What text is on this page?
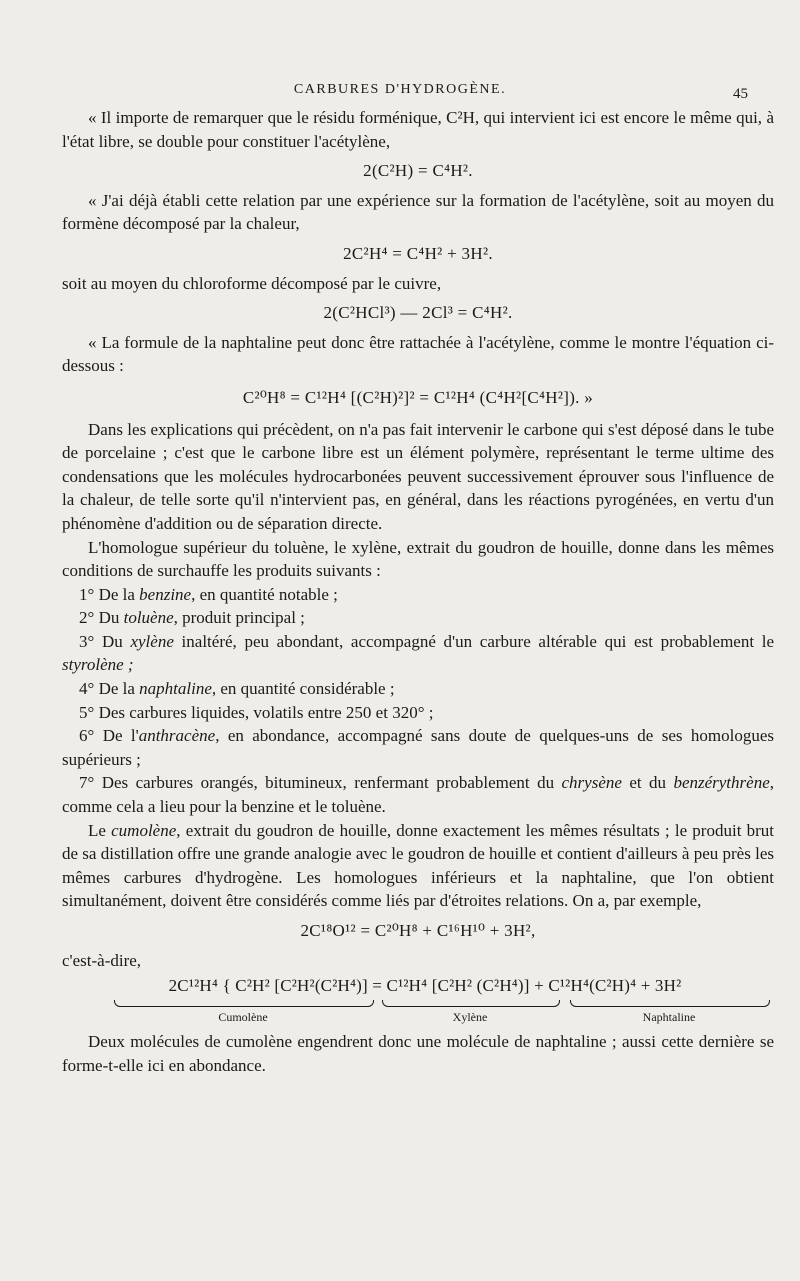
CARBURES D'HYDROGÈNE.	45

« Il importe de remarquer que le résidu forménique, C²H, qui intervient ici est encore le même qui, à l'état libre, se double pour constituer l'acétylène,

2(C²H) = C⁴H².

« J'ai déjà établi cette relation par une expérience sur la formation de l'acétylène, soit au moyen du formène décomposé par la chaleur,

2C²H⁴ = C⁴H² + 3H².

soit au moyen du chloroforme décomposé par le cuivre,

2(C²HCl³) — 2Cl³ = C⁴H².

« La formule de la naphtaline peut donc être rattachée à l'acétylène, comme le montre l'équation ci-dessous :

C²⁰H⁸ = C¹²H⁴ [(C²H)²]² = C¹²H⁴ (C⁴H²[C⁴H²]). »

Dans les explications qui précèdent, on n'a pas fait intervenir le carbone qui s'est déposé dans le tube de porcelaine ; c'est que le carbone libre est un élément polymère, représentant le terme ultime des condensations que les molécules hydrocarbonées peuvent successivement éprouver sous l'influence de la chaleur, de telle sorte qu'il n'intervient pas, en général, dans les réactions pyrogénées, en vertu d'un phénomène d'addition ou de séparation directe.

L'homologue supérieur du toluène, le xylène, extrait du goudron de houille, donne dans les mêmes conditions de surchauffe les produits suivants :

1° De la benzine, en quantité notable ;

2° Du toluène, produit principal ;

3° Du xylène inaltéré, peu abondant, accompagné d'un carbure altérable qui est probablement le styrolène ;

4° De la naphtaline, en quantité considérable ;

5° Des carbures liquides, volatils entre 250 et 320° ;

6° De l'anthracène, en abondance, accompagné sans doute de quelques-uns de ses homologues supérieurs ;

7° Des carbures orangés, bitumineux, renfermant probablement du chrysène et du benzérythrène, comme cela a lieu pour la benzine et le toluène.

Le cumolène, extrait du goudron de houille, donne exactement les mêmes résultats ; le produit brut de sa distillation offre une grande analogie avec le goudron de houille et contient d'ailleurs à peu près les mêmes carbures d'hydrogène. Les homologues inférieurs et la naphtaline, que l'on obtient simultanément, doivent être considérés comme liés par d'étroites relations. On a, par exemple,

2C¹⁸O¹² = C²⁰H⁸ + C¹⁶H¹⁰ + 3H²,

c'est-à-dire,

2C¹²H⁴ { C²H² [C²H²(C²H⁴)] = C¹²H⁴ [C²H² (C²H⁴)] + C¹²H⁴(C²H)⁴ + 3H²
Cumolène	Xylène	Naphtaline

Deux molécules de cumolène engendrent donc une molécule de naphtaline ; aussi cette dernière se forme-t-elle ici en abondance.
